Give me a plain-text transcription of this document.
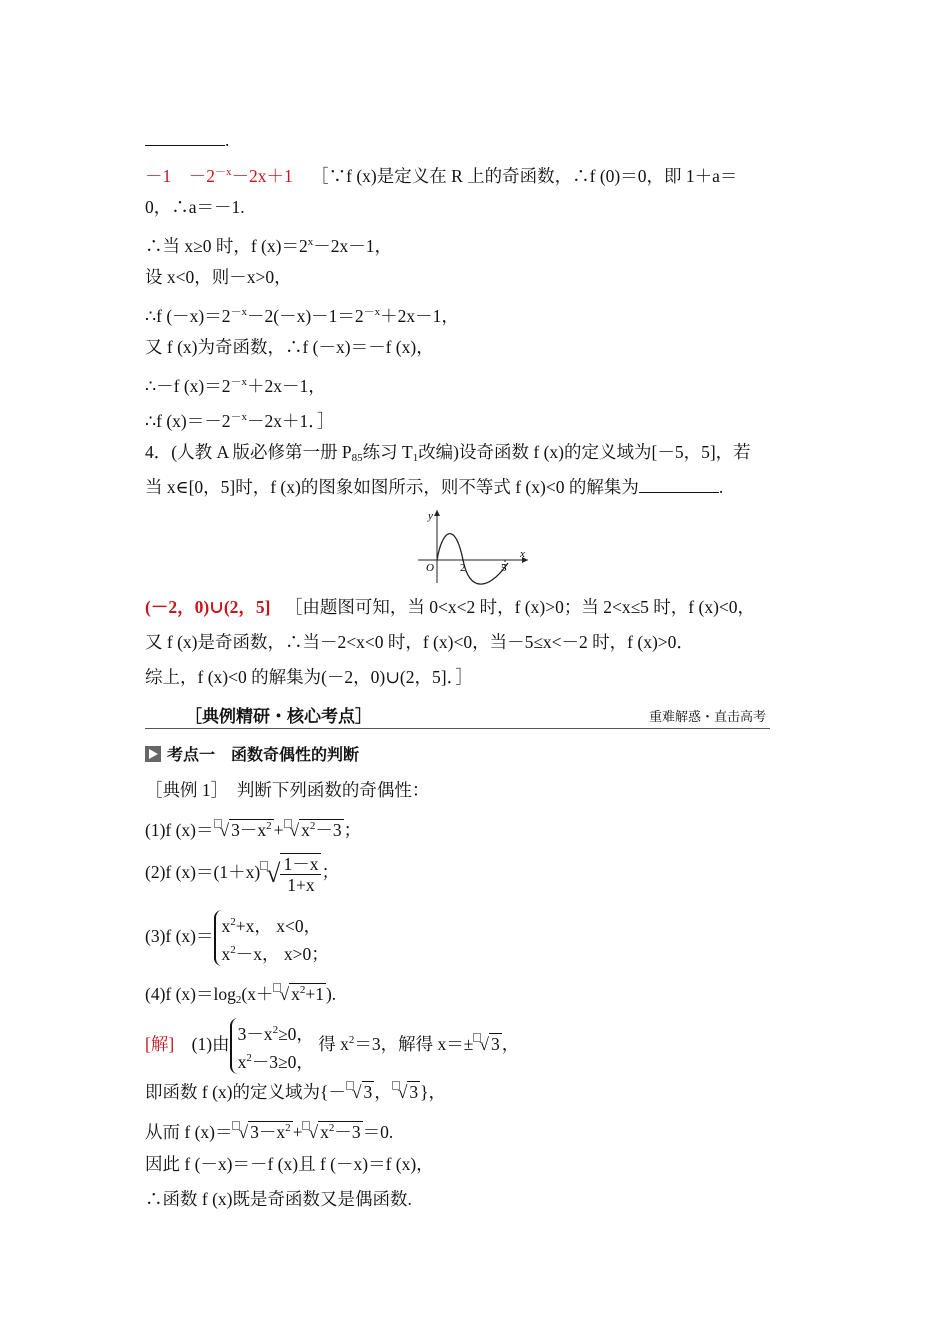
.
－1　$-2^{-x}-2x+1$ ［∵f (x)是定义在 R 上的奇函数，∴f (0)＝0，即 1＋a＝
0，∴a＝－1.
∴当 x≥0 时，f $(x)=2^x-2x-1$，
设 x<0，则－x>0，
∴f $(-x)=2^{-x}-2(-x)-1=2^{-x}+2x-1$，
又 f (x)为奇函数，∴f (－x)＝－f (x)，
∴－f $(x)=2^{-x}+2x-1$，
∴f $(x)=-2^{-x}-2x+1$．］
4．(人教 A 版必修第一册 $P_{85}$练习 $T_1$改编)设奇函数 f (x)的定义域为[－5，5]，若
当 x∈[0，5]时，f (x)的图象如图所示，则不等式 f (x)<0 的解集为	.
y
x
O 2	5
(－2，0)∪(2，5] ［由题图可知，当 0<x<2 时，f (x)>0；当 2<x≤5 时，f (x)<0，
又 f (x)是奇函数，∴当－2<x<0 时，f (x)<0，当－5≤x<－2 时，f (x)>0．
综上，f (x)<0 的解集为(－2，0)∪(2，5]．］
［典例精研・核心考点］	重难解惑・直击高考
考点一　函数奇偶性的判断
［典例 1］　判断下列函数的奇偶性：
(1)f (x)＝ √ $3-x^2$ + √ $x^2-3$ ；
(2)f (x)＝(1＋x) √ $\frac{1-x}{1+x}$ ；
(3)f (x)＝
$x^2+x$， x<0，
$x^2-x$， x>0；
(4)f $(x)=\log_2(x+$ √ $x^2+1$ ).
[解]　(1)由
$3-x^2\ge 0$，
$x^2-3\ge 0$，
得 $x^2=3$，解得 x＝± √ 3 ，
即函数 f (x)的定义域为{－ √ 3 ， √ 3 }，
从而 f (x)＝ √ $3-x^2$ + √ $x^2-3 =0$.
因此 f (－x)＝－f (x)且 f (－x)＝f (x)，
∴函数 f (x)既是奇函数又是偶函数.
